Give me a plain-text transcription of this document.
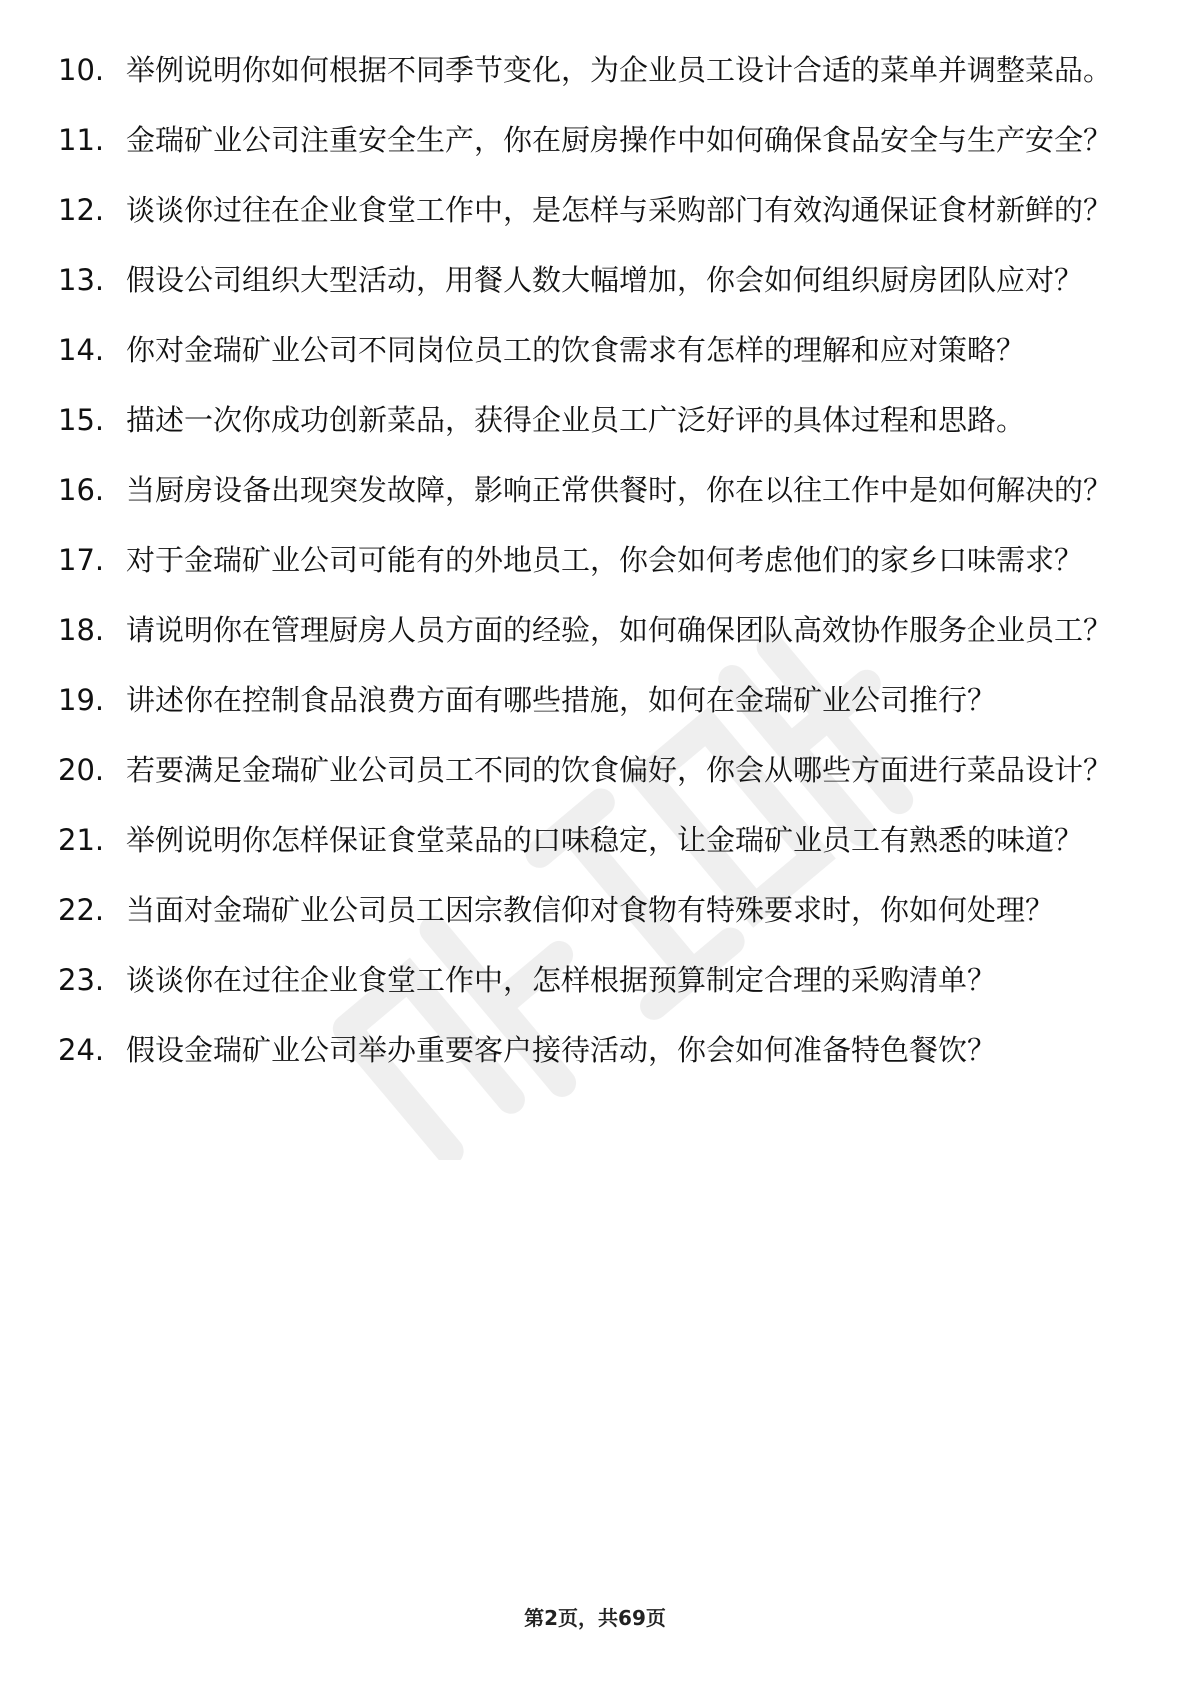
10. 举例说明你如何根据不同季节变化，为企业员工设计合适的菜单并调整菜品。
11. 金瑞矿业公司注重安全生产，你在厨房操作中如何确保食品安全与生产安全？
12. 谈谈你过往在企业食堂工作中，是怎样与采购部门有效沟通保证食材新鲜的？
13. 假设公司组织大型活动，用餐人数大幅增加，你会如何组织厨房团队应对？
14. 你对金瑞矿业公司不同岗位员工的饮食需求有怎样的理解和应对策略？
15. 描述一次你成功创新菜品，获得企业员工广泛好评的具体过程和思路。
16. 当厨房设备出现突发故障，影响正常供餐时，你在以往工作中是如何解决的？
17. 对于金瑞矿业公司可能有的外地员工，你会如何考虑他们的家乡口味需求？
18. 请说明你在管理厨房人员方面的经验，如何确保团队高效协作服务企业员工？
19. 讲述你在控制食品浪费方面有哪些措施，如何在金瑞矿业公司推行？
20. 若要满足金瑞矿业公司员工不同的饮食偏好，你会从哪些方面进行菜品设计？
21. 举例说明你怎样保证食堂菜品的口味稳定，让金瑞矿业员工有熟悉的味道？
22. 当面对金瑞矿业公司员工因宗教信仰对食物有特殊要求时，你如何处理？
23. 谈谈你在过往企业食堂工作中，怎样根据预算制定合理的采购清单？
24. 假设金瑞矿业公司举办重要客户接待活动，你会如何准备特色餐饮？
第2页，共69页
